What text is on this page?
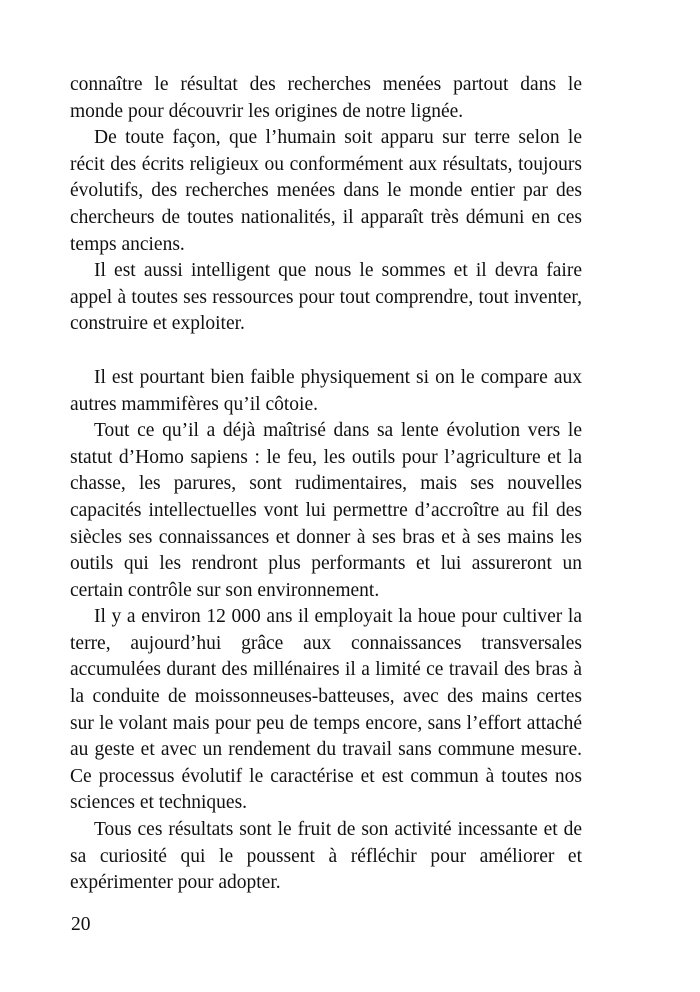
connaître le résultat des recherches menées partout dans le monde pour découvrir les origines de notre lignée.

De toute façon, que l’humain soit apparu sur terre selon le récit des écrits religieux ou conformément aux résultats, toujours évolutifs, des recherches menées dans le monde entier par des chercheurs de toutes nationalités, il apparaît très démuni en ces temps anciens.

Il est aussi intelligent que nous le sommes et il devra faire appel à toutes ses ressources pour tout comprendre, tout inventer, construire et exploiter.

Il est pourtant bien faible physiquement si on le compare aux autres mammifères qu’il côtoie.

Tout ce qu’il a déjà maîtrisé dans sa lente évolution vers le statut d’Homo sapiens : le feu, les outils pour l’agriculture et la chasse, les parures, sont rudimentaires, mais ses nouvelles capacités intellectuelles vont lui permettre d’accroître au fil des siècles ses connaissances et donner à ses bras et à ses mains les outils qui les rendront plus performants et lui assureront un certain contrôle sur son environnement.

Il y a environ 12 000 ans il employait la houe pour cultiver la terre, aujourd’hui grâce aux connaissances transversales accumulées durant des millénaires il a limité ce travail des bras à la conduite de moissonneuses-batteuses, avec des mains certes sur le volant mais pour peu de temps encore, sans l’effort attaché au geste et avec un rendement du travail sans commune mesure. Ce processus évolutif le caractérise et est commun à toutes nos sciences et techniques.

Tous ces résultats sont le fruit de son activité incessante et de sa curiosité qui le poussent à réfléchir pour améliorer et expérimenter pour adopter.

20
